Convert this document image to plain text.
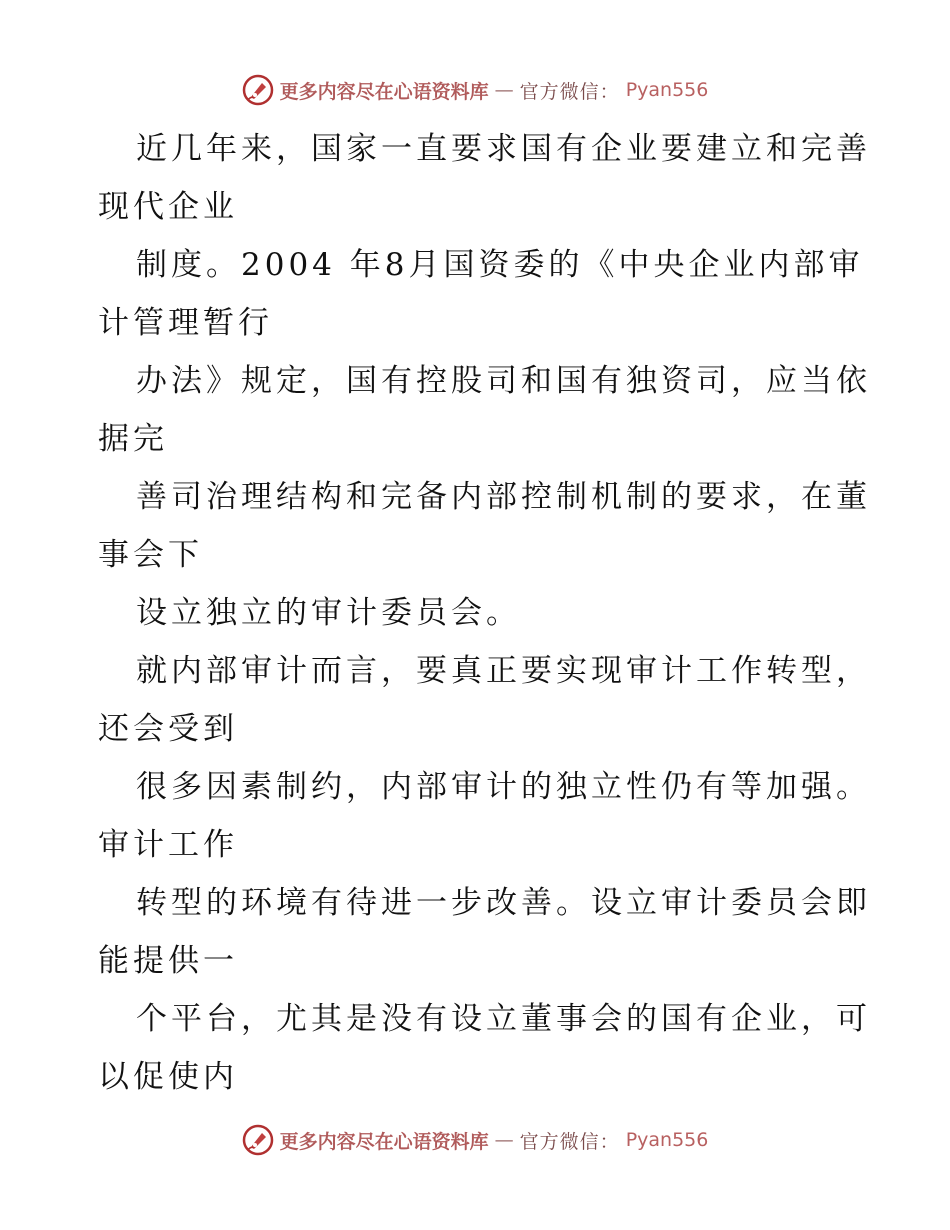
更多内容尽在心语资料库 — 官方微信： Pyan556
近几年来，国家一直要求国有企业要建立和完善
现代企业
制度。2004 年8月国资委的《中央企业内部审
计管理暂行
办法》规定，国有控股司和国有独资司，应当依
据完
善司治理结构和完备内部控制机制的要求，在董
事会下
设立独立的审计委员会。
就内部审计而言，要真正要实现审计工作转型，
还会受到
很多因素制约，内部审计的独立性仍有等加强。
审计工作
转型的环境有待进一步改善。设立审计委员会即
能提供一
个平台，尤其是没有设立董事会的国有企业，可
以促使内
更多内容尽在心语资料库 — 官方微信： Pyan556
